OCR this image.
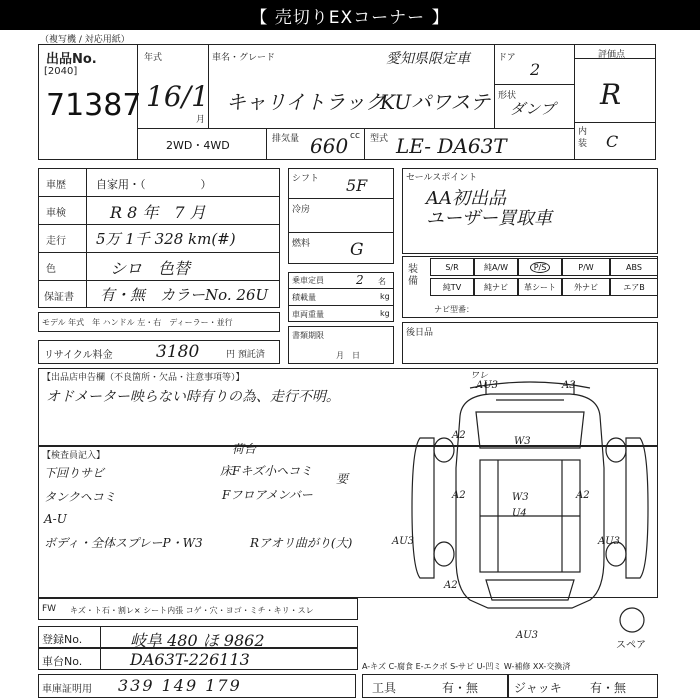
【 売切りEXコーナー 】
（複写機 / 対応用紙）
出品No.
[2040]
71387
年式
16/1
月
車名・グレード	愛知県限定車
キャリイトラック
KUパワステ
ドア
2
形状
ダンプ
評価点
R
内装 C
2WD・4WD	排気量 660 cc 型式 LE- DA63T
車歴	自家用・（　　　　　）
車検	R 8 年　7 月
走行 5万 1千 328 km(#)
色	シロ　色替
保証書 有・無　カラーNo. 26U
モデル 年式　年 ハンドル 左・右　ディーラー・並行
リサイクル料金	3180	円 預託済
シフト 5F
冷房
燃料 G
乗車定員	2 名
積載量	kg
車両重量	kg
書類期限
月　日
セールスポイント
AA初出品
ユーザー買取車
装備
S/R	純A/W	P/S	P/W	ABS
純TV	純ナビ	革シート	外ナビ	エアB
ナビ型番：
後日品
【出品店申告欄（不良箇所・欠品・注意事項等）】
オドメーター映らない時有りの為、走行不明。
【検査員記入】
下回りサビ
タンクヘコミ
A-U
ボディ・全体スプレーP・W3
荷台
床Fキズ小ヘコミ
Fフロアメンバー
Rアオリ曲がり(大)
要
ワレ
AU3	A3
A2
W3
A2	W3
U4
A2
AU3	AU3
A2
AU3
スペア
FW キズ・ト石・割レ× シート内張 コゲ・穴・ヨゴ・ミチ・キリ・スレ
登録No.	岐阜 480 ほ 9862
車台No.	DA63T-226113	A-キズ C-腐食 E-エクボ S-サビ U-凹ミ W-補修 XX-交換済
車庫証明用 339 149 179	工具	有・無	ジャッキ 有・無
